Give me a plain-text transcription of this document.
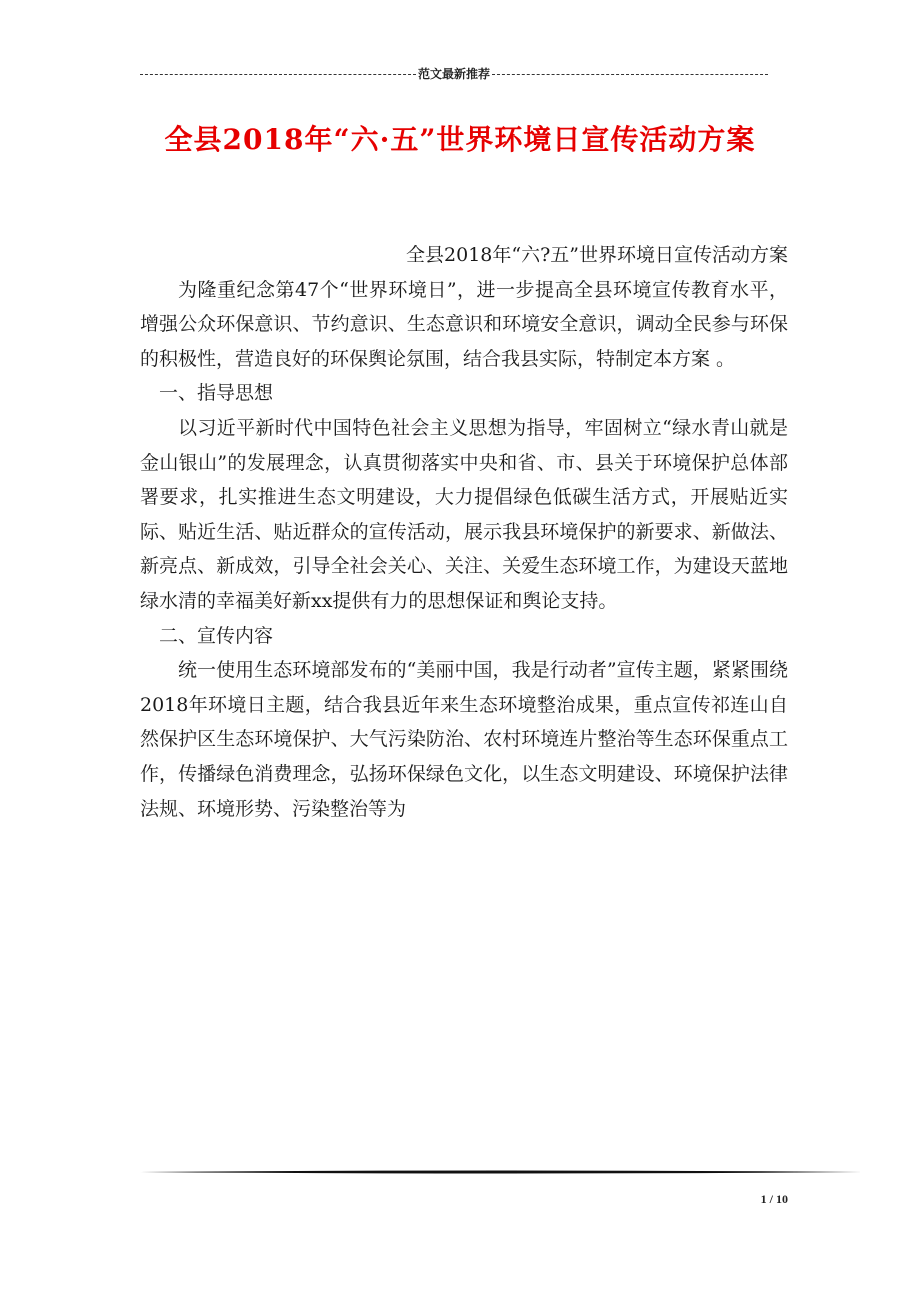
范文最新推荐
全县2018年“六·五”世界环境日宣传活动方案

全县2018年“六?五”世界环境日宣传活动方案

为隆重纪念第47个“世界环境日”，进一步提高全县环境宣传教育水平，增强公众环保意识、节约意识、生态意识和环境安全意识，调动全民参与环保的积极性，营造良好的环保舆论氛围，结合我县实际，特制定本方案 。

一、指导思想

以习近平新时代中国特色社会主义思想为指导，牢固树立“绿水青山就是金山银山”的发展理念，认真贯彻落实中央和省、市、县关于环境保护总体部署要求，扎实推进生态文明建设，大力提倡绿色低碳生活方式，开展贴近实际、贴近生活、贴近群众的宣传活动，展示我县环境保护的新要求、新做法、新亮点、新成效，引导全社会关心、关注、关爱生态环境工作，为建设天蓝地绿水清的幸福美好新xx提供有力的思想保证和舆论支持。

二、宣传内容

统一使用生态环境部发布的“美丽中国，我是行动者”宣传主题，紧紧围绕2018年环境日主题，结合我县近年来生态环境整治成果，重点宣传祁连山自然保护区生态环境保护、大气污染防治、农村环境连片整治等生态环保重点工作，传播绿色消费理念，弘扬环保绿色文化，以生态文明建设、环境保护法律法规、环境形势、污染整治等为

1 / 10
